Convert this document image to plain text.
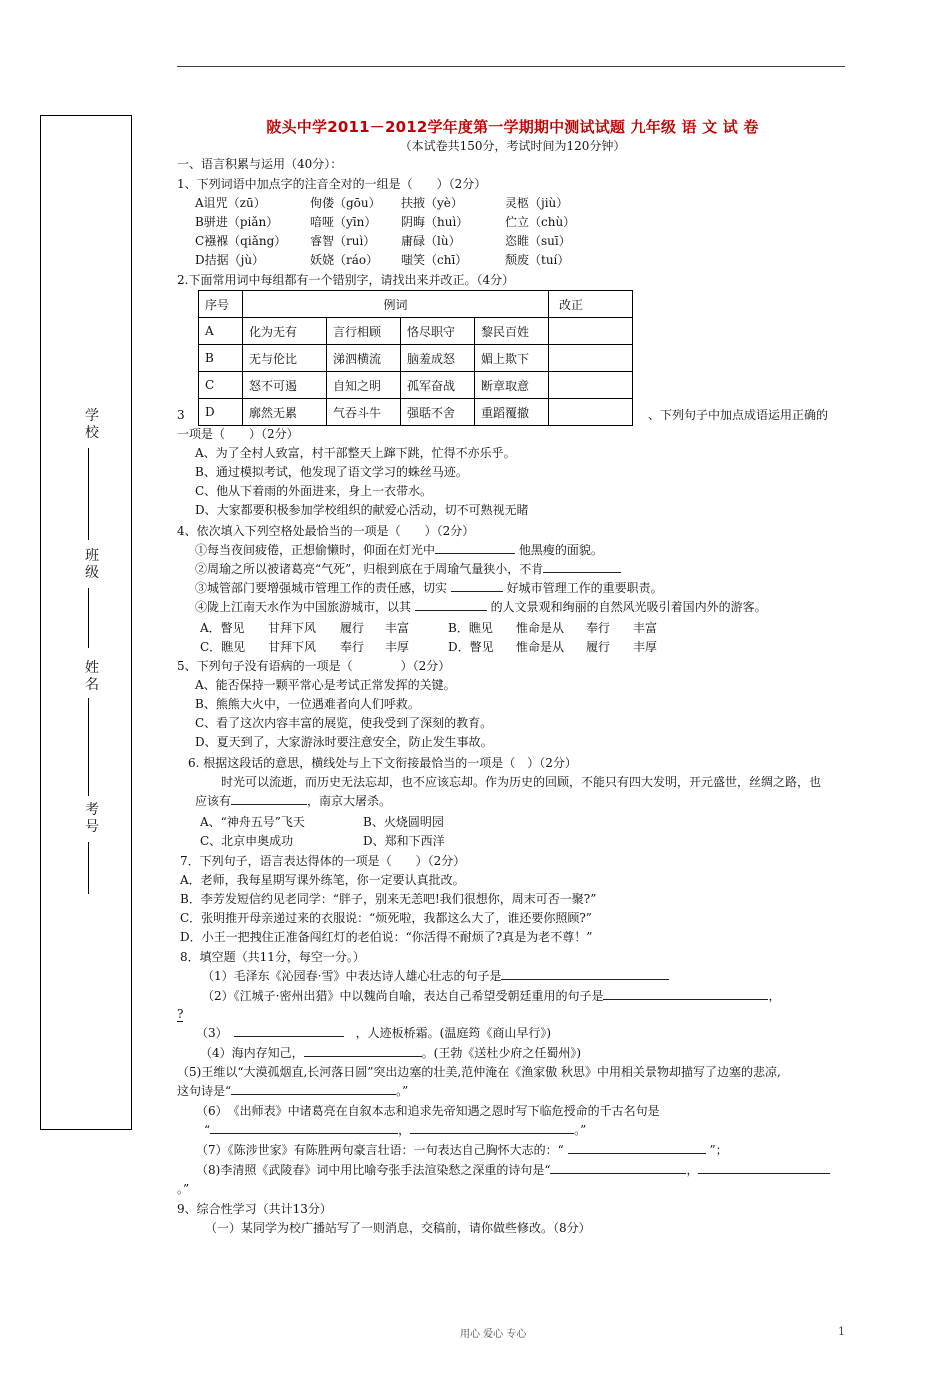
学校
班级
姓名
考号
陂头中学2011－2012学年度第一学期期中测试试题 九年级 语 文 试 卷
（本试卷共150分，考试时间为120分钟）
一、语言积累与运用（40分）：
1、下列词语中加点字的注音全对的一组是（　　）（2分）
A诅咒（zū）	佝偻（gōu） 扶掖（yè）	灵柩（jiù）
B骈进（piǎn）	喑哑（yīn） 阴晦（huì）	伫立（chù）
C襁褓（qiǎng） 睿智（ruì） 庸碌（lù）	恣睢（suī）
D拮据（jù）	妖娆（ráo） 嗤笑（chī）	颓废（tuí）
2.下面常用词中每组都有一个错别字，请找出来并改正。（4分）
序号	例词				改正
A	化为无有	言行相顾	恪尽职守	黎民百姓	
B	无与伦比	涕泗横流	脑羞成怒	媚上欺下	
C	怒不可遏	自知之明	孤军奋战	断章取意	
D	廓然无累	气吞斗牛	强聒不舍	重蹈覆撤	
3	、下列句子中加点成语运用正确的
一项是（　　）（2分）
A、为了全村人致富，村干部整天上蹿下跳，忙得不亦乐乎。
B、通过模拟考试，他发现了语文学习的蛛丝马迹。
C、他从下着雨的外面进来，身上一衣带水。
D、大家都要积极参加学校组织的献爱心活动，切不可熟视无睹
4、依次填入下列空格处最恰当的一项是（　　）（2分）
①每当夜间疲倦，正想偷懒时，仰面在灯光中	他黑瘦的面貌。
②周瑜之所以被诸葛亮“气死”，归根到底在于周瑜气量狭小，不肯
③城管部门要增强城市管理工作的责任感，切实	好城市管理工作的重要职责。
④陇上江南天水作为中国旅游城市，以其	的人文景观和绚丽的自然风光吸引着国内外的游客。
A．瞥见 甘拜下风 履行 丰富	B．瞧见 惟命是从 奉行 丰富
C．瞧见 甘拜下风 奉行 丰厚	D．瞥见 惟命是从 履行 丰厚
5、下列句子没有语病的一项是（　　　　）（2分）
A、能否保持一颗平常心是考试正常发挥的关键。
B、熊熊大火中，一位遇难者向人们呼救。
C、看了这次内容丰富的展览，使我受到了深刻的教育。
D、夏天到了，大家游泳时要注意安全，防止发生事故。
6. 根据这段话的意思，横线处与上下文衔接最恰当的一项是（　）（2分）
时光可以流逝，而历史无法忘却，也不应该忘却。作为历史的回顾，不能只有四大发明，开元盛世，丝绸之路，也
应该有	，南京大屠杀。
A、“神舟五号”飞天	B、火烧圆明园
C、北京申奥成功	D、郑和下西洋
7．下列句子，语言表达得体的一项是（　　）（2分）
A．老师，我每星期写课外练笔，你一定要认真批改。
B．李芳发短信约见老同学：“胖子，别来无恙吧!我们很想你，周末可否一聚?”
C．张明推开母亲递过来的衣服说：“烦死啦，我都这么大了，谁还要你照顾?”
D．小王一把拽住正准备闯红灯的老伯说：“你活得不耐烦了?真是为老不尊！”
8．填空题（共11分，每空一分。）
（1）毛泽东《沁园春·雪》中表达诗人雄心壮志的句子是
（2）《江城子·密州出猎》中以魏尚自喻，表达自己希望受朝廷重用的句子是	，
?
（3）　	，人迹板桥霜。(温庭筠《商山早行》)
（4）海内存知己，	。(王勃《送杜少府之任蜀州》)
（5)王维以“大漠孤烟直,长河落日圆”突出边塞的壮美,范仲淹在《渔家傲 秋思》中用相关景物却描写了边塞的悲凉,
这句诗是“	。”
（6）　《出师表》中诸葛亮在自叙本志和追求先帝知遇之恩时写下临危授命的千古名句是
“	，	。”
（7）《陈涉世家》有陈胜两句豪言壮语：一句表达自己胸怀大志的：“	”；
（8)李清照《武陵春》词中用比喻夸张手法渲染愁之深重的诗句是“	，
。”
9、综合性学习（共计13分）
（一）某同学为校广播站写了一则消息，交稿前，请你做些修改。（8分）
用心 爱心 专心	1
